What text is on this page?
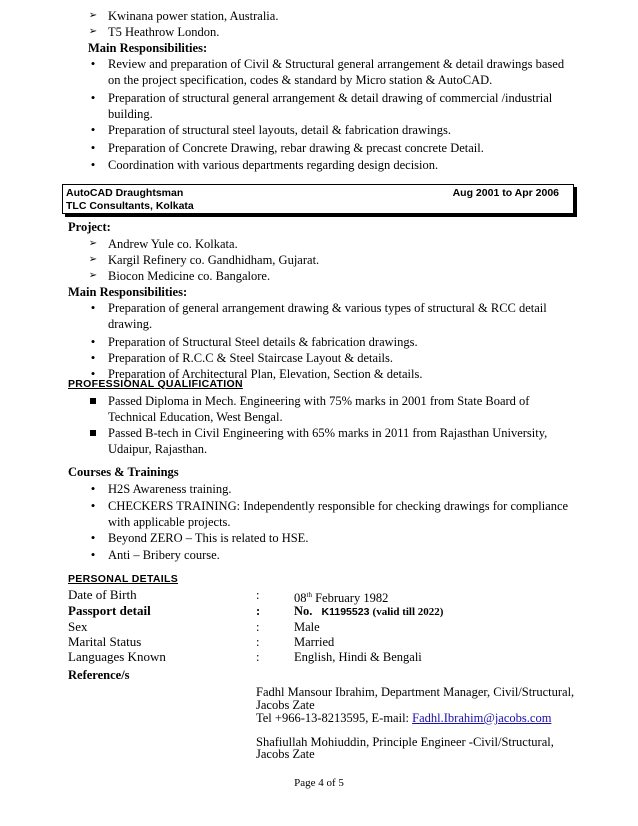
➢ Kwinana power station, Australia.
➢ T5 Heathrow London.
Main Responsibilities:
•	Review and preparation of Civil & Structural general arrangement & detail drawings based
on the project specification, codes & standard by Micro station & AutoCAD.
•	Preparation of structural general arrangement & detail drawing of commercial /industrial
building.
•	Preparation of structural steel layouts, detail & fabrication drawings.
•	Preparation of Concrete Drawing, rebar drawing & precast concrete Detail.
•	Coordination with various departments regarding design decision.
AutoCAD Draughtsman
TLC Consultants, Kolkata
Aug 2001 to Apr 2006
Project:
➢ Andrew Yule co. Kolkata.
➢ Kargil Refinery co. Gandhidham, Gujarat.
➢ Biocon Medicine co. Bangalore.
Main Responsibilities:
•	Preparation of general arrangement drawing & various types of structural & RCC detail
drawing.
•	Preparation of Structural Steel details & fabrication drawings.
•	Preparation of R.C.C & Steel Staircase Layout & details.
•	Preparation of Architectural Plan, Elevation, Section & details.
PROFESSIONAL QUALIFICATION
Passed Diploma in Mech. Engineering with 75% marks in 2001 from State Board of
Technical Education, West Bengal.
Passed B-tech in Civil Engineering with 65% marks in 2011 from Rajasthan University,
Udaipur, Rajasthan.
Courses & Trainings
•	H2S Awareness training.
•	CHECKERS TRAINING: Independently responsible for checking drawings for compliance
with applicable projects.
•	Beyond ZERO – This is related to HSE.
•	Anti – Bribery course.
PERSONAL DETAILS
Date of Birth	:	08th February 1982
Passport detail	:	No. K1195523 (valid till 2022)
Sex	:	Male
Marital Status	:	Married
Languages Known	:	English, Hindi & Bengali
Reference/s
Fadhl Mansour Ibrahim, Department Manager, Civil/Structural,
Jacobs Zate
Tel +966-13-8213595, E-mail: Fadhl.Ibrahim@jacobs.com
Shafiullah Mohiuddin, Principle Engineer -Civil/Structural,
Jacobs Zate
Page 4 of 5
